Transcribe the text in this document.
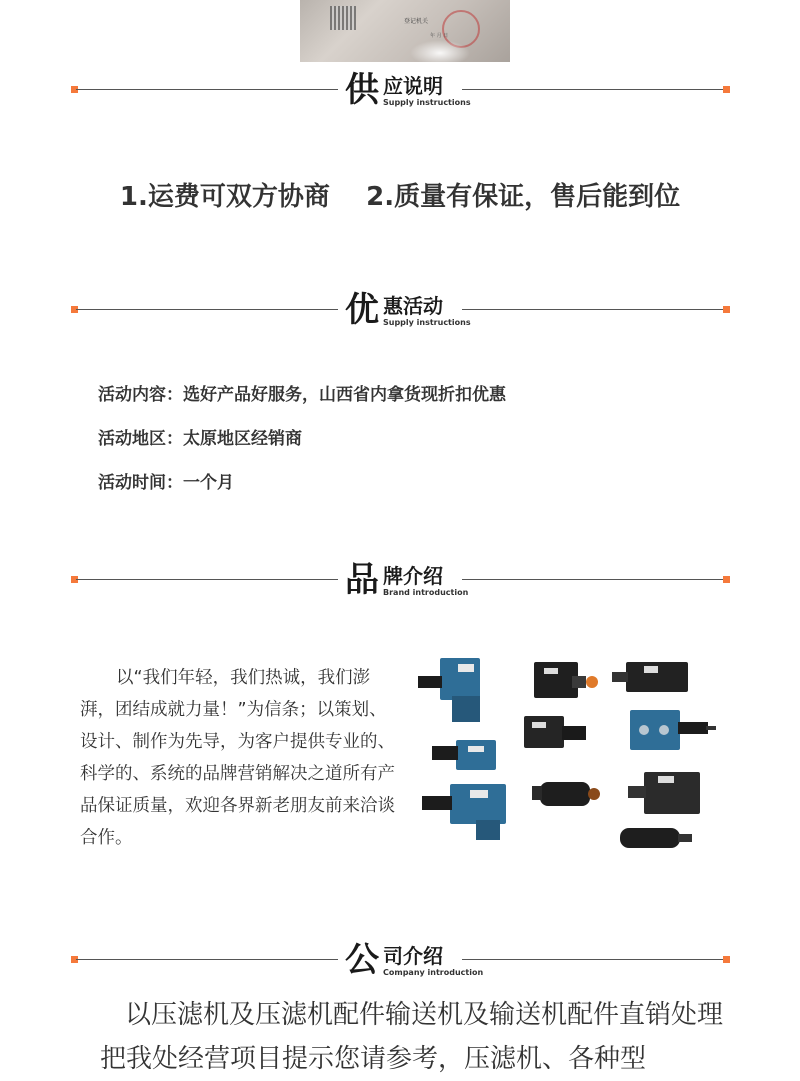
登记机关
年 月 日
供 应说明
Supply instructions
1.运费可双方协商    2.质量有保证，售后能到位
优 惠活动
Supply instructions
活动内容：选好产品好服务，山西省内拿货现折扣优惠
活动地区：太原地区经销商
活动时间：一个月
品 牌介绍
Brand introduction
以“我们年轻，我们热诚，我们澎湃，团结成就力量！”为信条；以策划、设计、制作为先导，为客户提供专业的、科学的、系统的品牌营销解决之道所有产品保证质量，欢迎各界新老朋友前来洽谈合作。
公 司介绍
Company introduction
以压滤机及压滤机配件输送机及输送机配件直销处理把我处经营项目提示您请参考，压滤机、各种型
